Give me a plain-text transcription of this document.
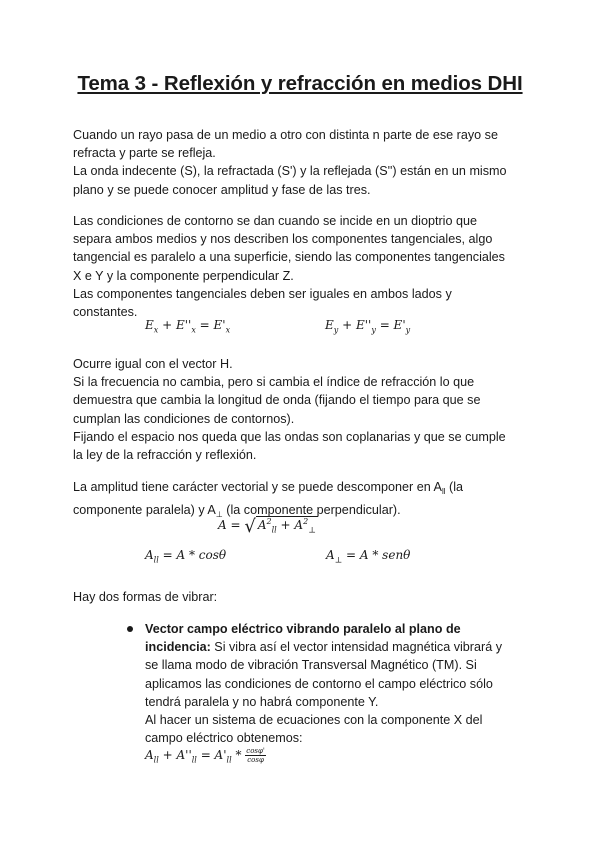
Tema 3 - Reflexión y refracción en medios DHI

Cuando un rayo pasa de un medio a otro con distinta n parte de ese rayo se
refracta y parte se refleja.
La onda indecente (S), la refractada (S') y la reflejada (S'') están en un mismo
plano y se puede conocer amplitud y fase de las tres.

Las condiciones de contorno se dan cuando se incide en un dioptrio que
separa ambos medios y nos describen los componentes tangenciales, algo
tangencial es paralelo a una superficie, siendo las componentes tangenciales
X e Y y la componente perpendicular Z.
Las componentes tangenciales deben ser iguales en ambos lados y
constantes.

$E_x + E''_x = E'_x$	$E_y + E''_y = E'_y$

Ocurre igual con el vector H.
Si la frecuencia no cambia, pero si cambia el índice de refracción lo que
demuestra que cambia la longitud de onda (fijando el tiempo para que se
cumplan las condiciones de contornos).
Fijando el espacio nos queda que las ondas son coplanarias y que se cumple
la ley de la refracción y reflexión.

La amplitud tiene carácter vectorial y se puede descomponer en $A_{ll}$ (la
componente paralela) y $A_\perp$ (la componente perpendicular).

A = √ $A^2_{ll} + A^2_\perp$
$A_{ll} = A * \cos\theta$	$A_\perp = A * sen\theta$

Hay dos formas de vibrar:

Vector campo eléctrico vibrando paralelo al plano de
incidencia: Si vibra así el vector intensidad magnética vibrará y
se llama modo de vibración Transversal Magnético (TM). Si
aplicamos las condiciones de contorno el campo eléctrico sólo
tendrá paralela y no habrá componente Y.
Al hacer un sistema de ecuaciones con la componente X del
campo eléctrico obtenemos:
$A_{ll} + A''_{ll} = A'_{ll} * \frac{\cos\varphi'}{\cos\varphi}$
